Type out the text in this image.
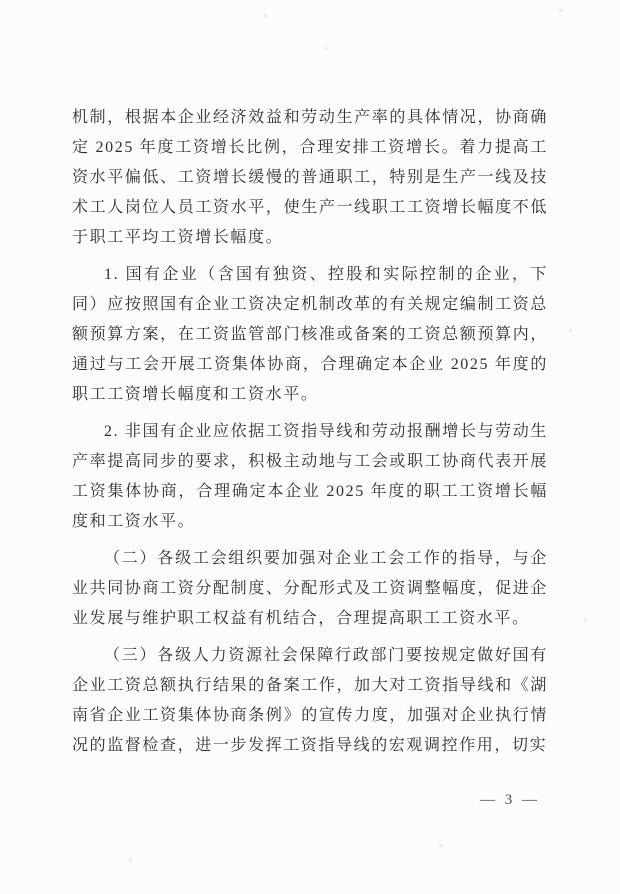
机制，根据本企业经济效益和劳动生产率的具体情况，协商确定 2025 年度工资增长比例，合理安排工资增长。着力提高工资水平偏低、工资增长缓慢的普通职工，特别是生产一线及技术工人岗位人员工资水平，使生产一线职工工资增长幅度不低于职工平均工资增长幅度。

1. 国有企业（含国有独资、控股和实际控制的企业，下同）应按照国有企业工资决定机制改革的有关规定编制工资总额预算方案，在工资监管部门核准或备案的工资总额预算内，通过与工会开展工资集体协商，合理确定本企业 2025 年度的职工工资增长幅度和工资水平。

2. 非国有企业应依据工资指导线和劳动报酬增长与劳动生产率提高同步的要求，积极主动地与工会或职工协商代表开展工资集体协商，合理确定本企业 2025 年度的职工工资增长幅度和工资水平。

（二）各级工会组织要加强对企业工会工作的指导，与企业共同协商工资分配制度、分配形式及工资调整幅度，促进企业发展与维护职工权益有机结合，合理提高职工工资水平。

（三）各级人力资源社会保障行政部门要按规定做好国有企业工资总额执行结果的备案工作，加大对工资指导线和《湖南省企业工资集体协商条例》的宣传力度，加强对企业执行情况的监督检查，进一步发挥工资指导线的宏观调控作用，切实

— 3 —
